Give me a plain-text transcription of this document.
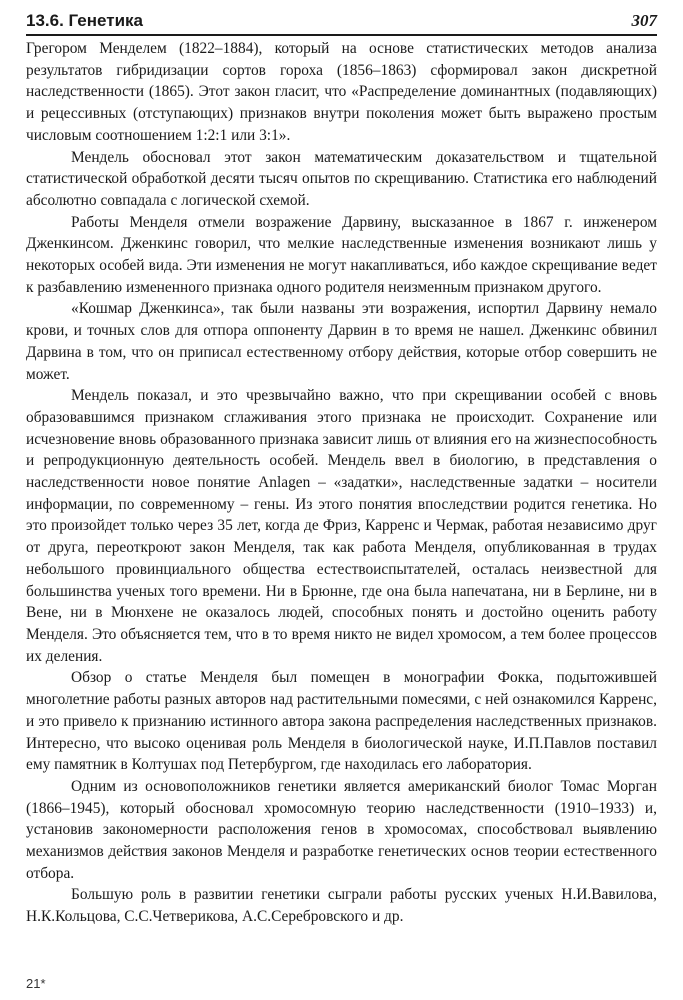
13.6. Генетика	307

Грегором Менделем (1822–1884), который на основе статистических методов анализа результатов гибридизации сортов гороха (1856–1863) сформировал закон дискретной наследственности (1865). Этот закон гласит, что «Распределение доминантных (подавляющих) и рецессивных (отступающих) признаков внутри поколения может быть выражено простым числовым соотношением 1:2:1 или 3:1».

Мендель обосновал этот закон математическим доказательством и тщательной статистической обработкой десяти тысяч опытов по скрещиванию. Статистика его наблюдений абсолютно совпадала с логической схемой.

Работы Менделя отмели возражение Дарвину, высказанное в 1867 г. инженером Дженкинсом. Дженкинс говорил, что мелкие наследственные изменения возникают лишь у некоторых особей вида. Эти изменения не могут накапливаться, ибо каждое скрещивание ведет к разбавлению измененного признака одного родителя неизменным признаком другого.

«Кошмар Дженкинса», так были названы эти возражения, испортил Дарвину немало крови, и точных слов для отпора оппоненту Дарвин в то время не нашел. Дженкинс обвинил Дарвина в том, что он приписал естественному отбору действия, которые отбор совершить не может.

Мендель показал, и это чрезвычайно важно, что при скрещивании особей с вновь образовавшимся признаком сглаживания этого признака не происходит. Сохранение или исчезновение вновь образованного признака зависит лишь от влияния его на жизнеспособность и репродукционную деятельность особей. Мендель ввел в биологию, в представления о наследственности новое понятие Anlagen – «задатки», наследственные задатки – носители информации, по современному – гены. Из этого понятия впоследствии родится генетика. Но это произойдет только через 35 лет, когда де Фриз, Карренс и Чермак, работая независимо друг от друга, переоткроют закон Менделя, так как работа Менделя, опубликованная в трудах небольшого провинциального общества естествоиспытателей, осталась неизвестной для большинства ученых того времени. Ни в Брюнне, где она была напечатана, ни в Берлине, ни в Вене, ни в Мюнхене не оказалось людей, способных понять и достойно оценить работу Менделя. Это объясняется тем, что в то время никто не видел хромосом, а тем более процессов их деления.

Обзор о статье Менделя был помещен в монографии Фокка, подытожившей многолетние работы разных авторов над растительными помесями, с ней ознакомился Карренс, и это привело к признанию истинного автора закона распределения наследственных признаков. Интересно, что высоко оценивая роль Менделя в биологической науке, И.П.Павлов поставил ему памятник в Колтушах под Петербургом, где находилась его лаборатория.

Одним из основоположников генетики является американский биолог Томас Морган (1866–1945), который обосновал хромосомную теорию наследственности (1910–1933) и, установив закономерности расположения генов в хромосомах, способствовал выявлению механизмов действия законов Менделя и разработке генетических основ теории естественного отбора.

Большую роль в развитии генетики сыграли работы русских ученых Н.И.Вавилова, Н.К.Кольцова, С.С.Четверикова, А.С.Серебровского и др.

21*
